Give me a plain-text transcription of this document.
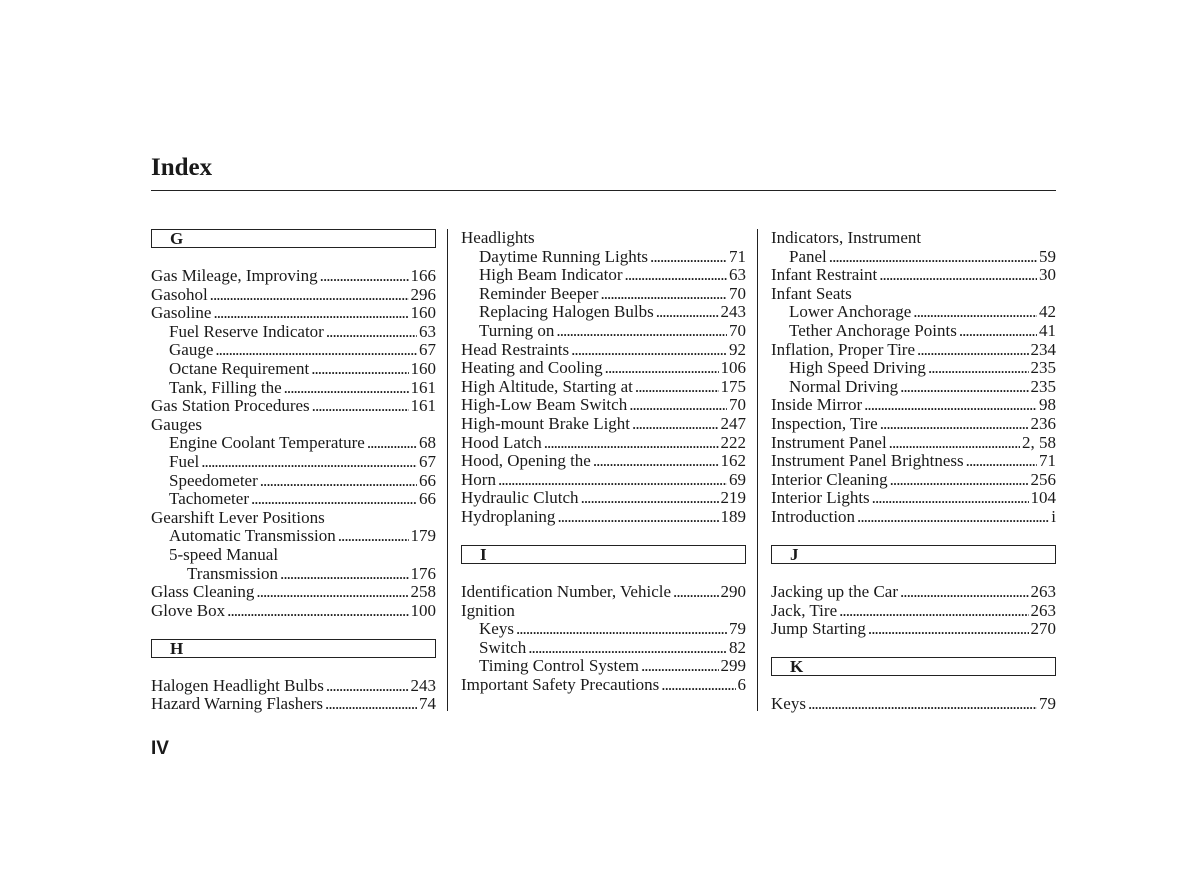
Index
G
Gas Mileage, Improving . . .	166
Gasohol . . .	296
Gasoline . . .	160
Fuel Reserve Indicator . . .	63
Gauge . . .	67
Octane Requirement . . .	160
Tank, Filling the . . .	161
Gas Station Procedures . . .	161
Gauges
Engine Coolant Temperature . . .	68
Fuel . . .	67
Speedometer . . .	66
Tachometer . . .	66
Gearshift Lever Positions
Automatic Transmission . . .	179
5-speed Manual
Transmission . . .	176
Glass Cleaning . . .	258
Glove Box . . .	100
H
Halogen Headlight Bulbs . . .	243
Hazard Warning Flashers . . .	74
Headlights
Daytime Running Lights . . .	71
High Beam Indicator . . .	63
Reminder Beeper . . .	70
Replacing Halogen Bulbs . . .	243
Turning on . . .	70
Head Restraints . . .	92
Heating and Cooling . . .	106
High Altitude, Starting at . . .	175
High-Low Beam Switch . . .	70
High-mount Brake Light . . .	247
Hood Latch . . .	222
Hood, Opening the . . .	162
Horn . . .	69
Hydraulic Clutch . . .	219
Hydroplaning . . .	189
I
Identification Number, Vehicle . . .	290
Ignition
Keys . . .	79
Switch . . .	82
Timing Control System . . .	299
Important Safety Precautions . . .	6
Indicators, Instrument
Panel . . .	59
Infant Restraint . . .	30
Infant Seats
Lower Anchorage . . .	42
Tether Anchorage Points . . .	41
Inflation, Proper Tire . . .	234
High Speed Driving . . .	235
Normal Driving . . .	235
Inside Mirror . . .	98
Inspection, Tire . . .	236
Instrument Panel . . .	2, 58
Instrument Panel Brightness . . .	71
Interior Cleaning . . .	256
Interior Lights . . .	104
Introduction . . .	i
J
Jacking up the Car . . .	263
Jack, Tire . . .	263
Jump Starting . . .	270
K
Keys . . .	79
IV
